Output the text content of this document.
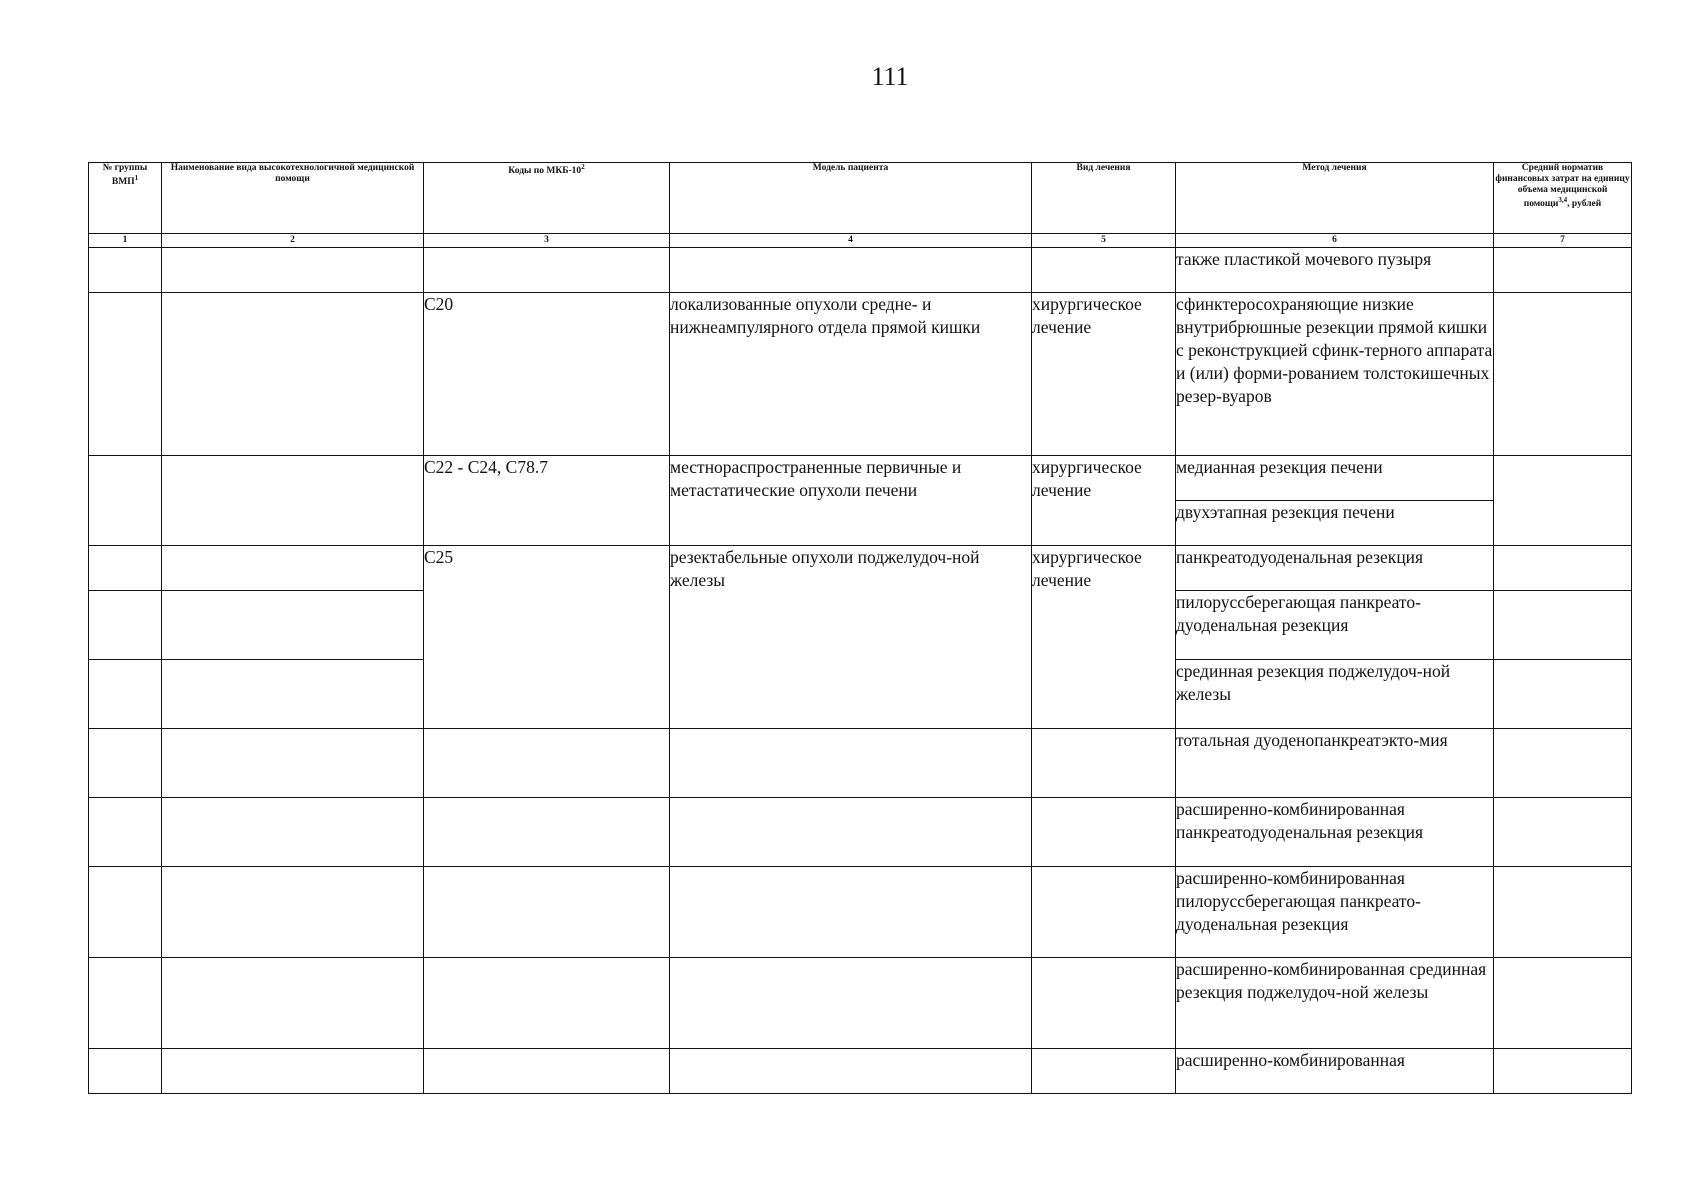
111
№ группы ВМП$^1$	Наименование вида высокотехнологичной медицинской помощи	Коды по МКБ-$10^2$	Модель пациента	Вид лечения	Метод лечения	Средний норматив финансовых затрат на единицу объема медицинской помощи$^{3,4}$, рублей
1	2	3	4	5	6	7
					также пластикой мочевого пузыря	
		C20	локализованные опухоли средне- и нижнеампулярного отдела прямой кишки	хирургическое лечение	сфинктеросохраняющие низкие внутрибрюшные резекции прямой кишки с реконструкцией сфинк-терного аппарата и (или) форми-рованием толстокишечных резер-вуаров	
		C22 - C24, C78.7	местнораспространенные первичные и метастатические опухоли печени	хирургическое лечение	медианная резекция печени	
					двухэтапная резекция печени	
		C25	резектабельные опухоли поджелудоч-ной железы	хирургическое лечение	панкреатодуоденальная резекция	
					пилоруссберегающая панкреато-дуоденальная резекция	
					срединная резекция поджелудоч-ной железы	
					тотальная дуоденопанкреатэкто-мия	
					расширенно-комбинированная панкреатодуоденальная резекция	
					расширенно-комбинированная пилоруссберегающая панкреато-дуоденальная резекция	
					расширенно-комбинированная срединная резекция поджелудоч-ной железы	
					расширенно-комбинированная	
